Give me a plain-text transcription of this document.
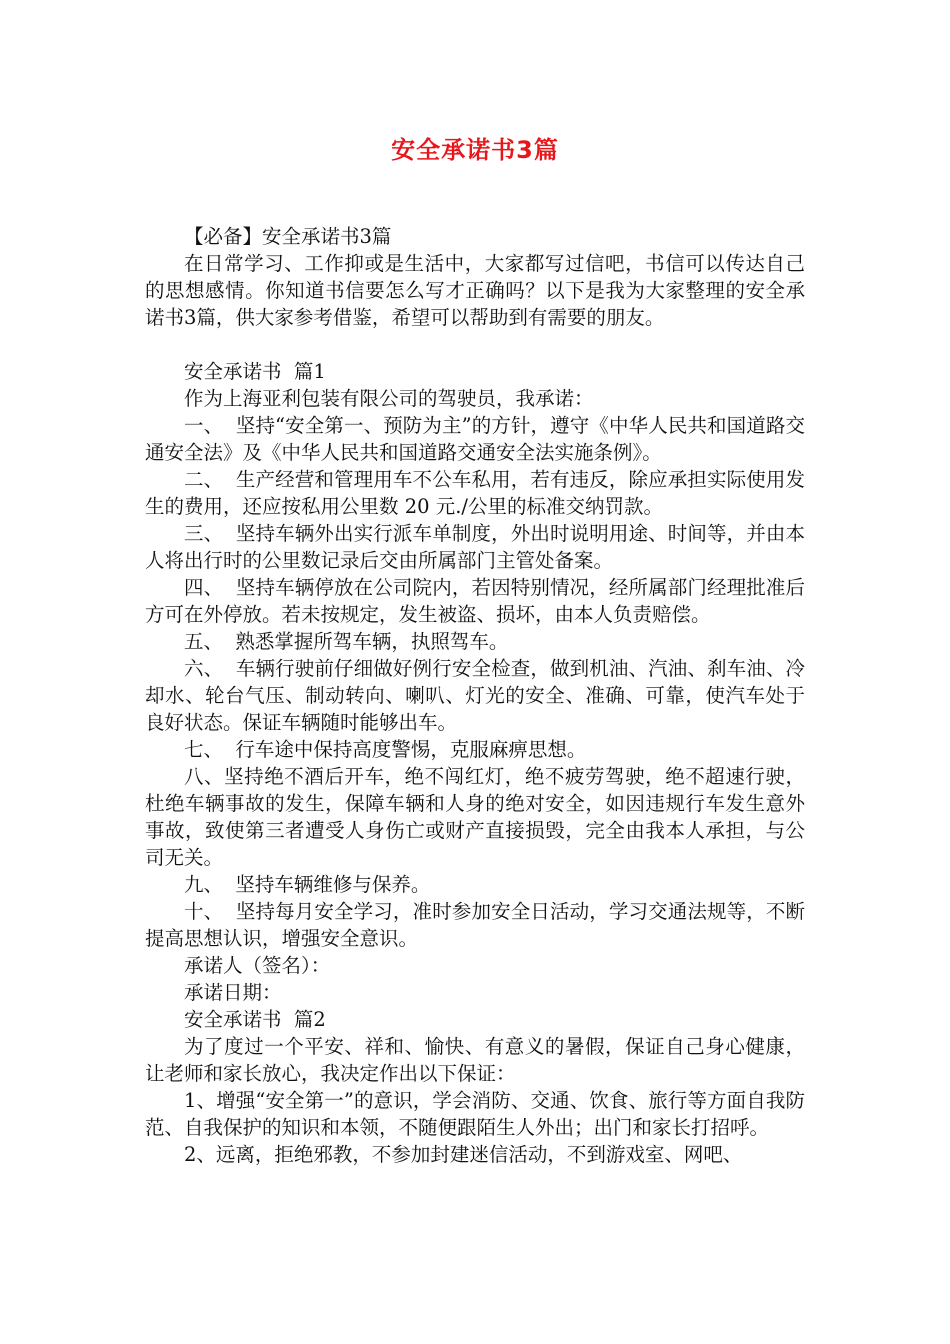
安全承诺书3篇

【必备】安全承诺书3篇

在日常学习、工作抑或是生活中，大家都写过信吧，书信可以传达自己的思想感情。你知道书信要怎么写才正确吗？以下是我为大家整理的安全承诺书3篇，供大家参考借鉴，希望可以帮助到有需要的朋友。

安全承诺书  篇1

作为上海亚利包装有限公司的驾驶员，我承诺：

一、  坚持“安全第一、预防为主”的方针，遵守《中华人民共和国道路交通安全法》及《中华人民共和国道路交通安全法实施条例》。

二、  生产经营和管理用车不公车私用，若有违反，除应承担实际使用发生的费用，还应按私用公里数 20 元./公里的标准交纳罚款。

三、  坚持车辆外出实行派车单制度，外出时说明用途、时间等，并由本人将出行时的公里数记录后交由所属部门主管处备案。

四、  坚持车辆停放在公司院内，若因特别情况，经所属部门经理批准后方可在外停放。若未按规定，发生被盗、损坏，由本人负责赔偿。

五、  熟悉掌握所驾车辆，执照驾车。

六、  车辆行驶前仔细做好例行安全检查，做到机油、汽油、刹车油、冷却水、轮台气压、制动转向、喇叭、灯光的安全、准确、可靠，使汽车处于良好状态。保证车辆随时能够出车。

七、  行车途中保持高度警惕，克服麻痹思想。

八、坚持绝不酒后开车，绝不闯红灯，绝不疲劳驾驶，绝不超速行驶，杜绝车辆事故的发生，保障车辆和人身的绝对安全，如因违规行车发生意外事故，致使第三者遭受人身伤亡或财产直接损毁，完全由我本人承担，与公司无关。

九、  坚持车辆维修与保养。

十、  坚持每月安全学习，准时参加安全日活动，学习交通法规等，不断提高思想认识，增强安全意识。

承诺人（签名）：

承诺日期：

安全承诺书  篇2

为了度过一个平安、祥和、愉快、有意义的暑假，保证自己身心健康，让老师和家长放心，我决定作出以下保证：

1、增强“安全第一”的意识，学会消防、交通、饮食、旅行等方面自我防范、自我保护的知识和本领，不随便跟陌生人外出；出门和家长打招呼。

2、远离，拒绝邪教，不参加封建迷信活动，不到游戏室、网吧、
